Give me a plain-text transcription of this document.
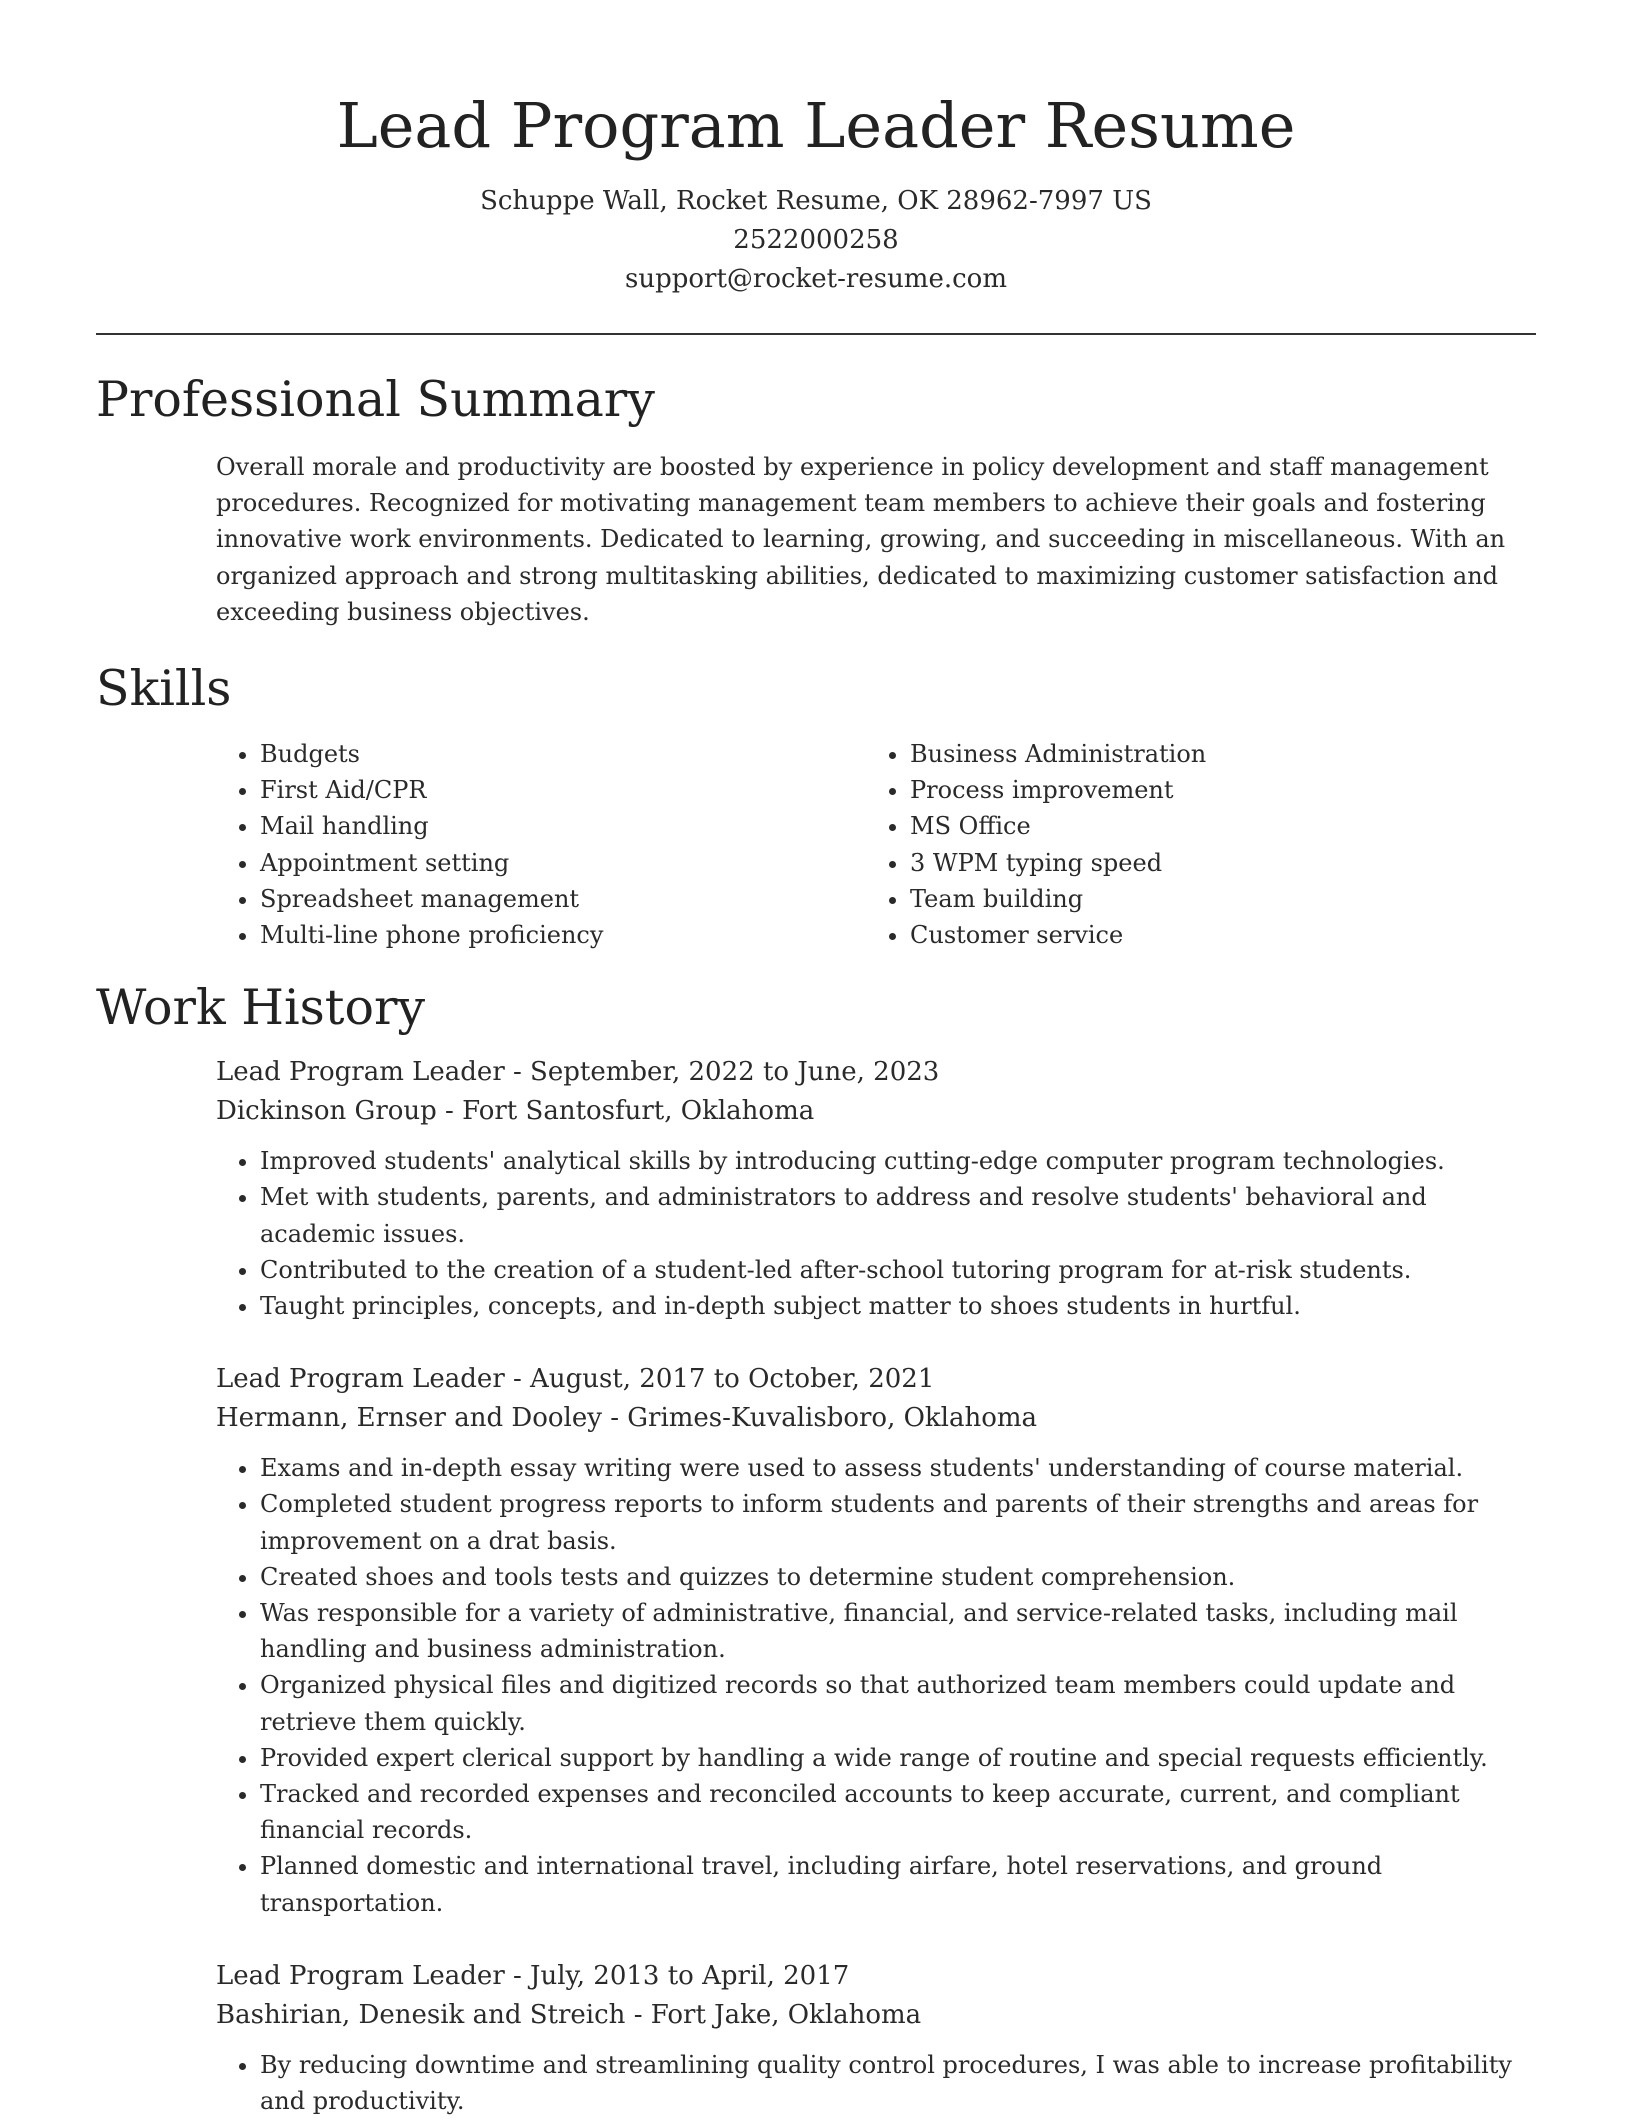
Lead Program Leader Resume
Schuppe Wall, Rocket Resume, OK 28962-7997 US
2522000258
support@rocket-resume.com
Professional Summary
Overall morale and productivity are boosted by experience in policy development and staff management procedures. Recognized for motivating management team members to achieve their goals and fostering innovative work environments. Dedicated to learning, growing, and succeeding in miscellaneous. With an organized approach and strong multitasking abilities, dedicated to maximizing customer satisfaction and exceeding business objectives.
Skills
• Budgets
• First Aid/CPR
• Mail handling
• Appointment setting
• Spreadsheet management
• Multi-line phone proficiency
• Business Administration
• Process improvement
• MS Office
• 3 WPM typing speed
• Team building
• Customer service
Work History
Lead Program Leader - September, 2022 to June, 2023
Dickinson Group - Fort Santosfurt, Oklahoma
• Improved students' analytical skills by introducing cutting-edge computer program technologies.
• Met with students, parents, and administrators to address and resolve students' behavioral and academic issues.
• Contributed to the creation of a student-led after-school tutoring program for at-risk students.
• Taught principles, concepts, and in-depth subject matter to shoes students in hurtful.
Lead Program Leader - August, 2017 to October, 2021
Hermann, Ernser and Dooley - Grimes-Kuvalisboro, Oklahoma
• Exams and in-depth essay writing were used to assess students' understanding of course material.
• Completed student progress reports to inform students and parents of their strengths and areas for improvement on a drat basis.
• Created shoes and tools tests and quizzes to determine student comprehension.
• Was responsible for a variety of administrative, financial, and service-related tasks, including mail handling and business administration.
• Organized physical files and digitized records so that authorized team members could update and retrieve them quickly.
• Provided expert clerical support by handling a wide range of routine and special requests efficiently.
• Tracked and recorded expenses and reconciled accounts to keep accurate, current, and compliant financial records.
• Planned domestic and international travel, including airfare, hotel reservations, and ground transportation.
Lead Program Leader - July, 2013 to April, 2017
Bashirian, Denesik and Streich - Fort Jake, Oklahoma
• By reducing downtime and streamlining quality control procedures, I was able to increase profitability and productivity.
